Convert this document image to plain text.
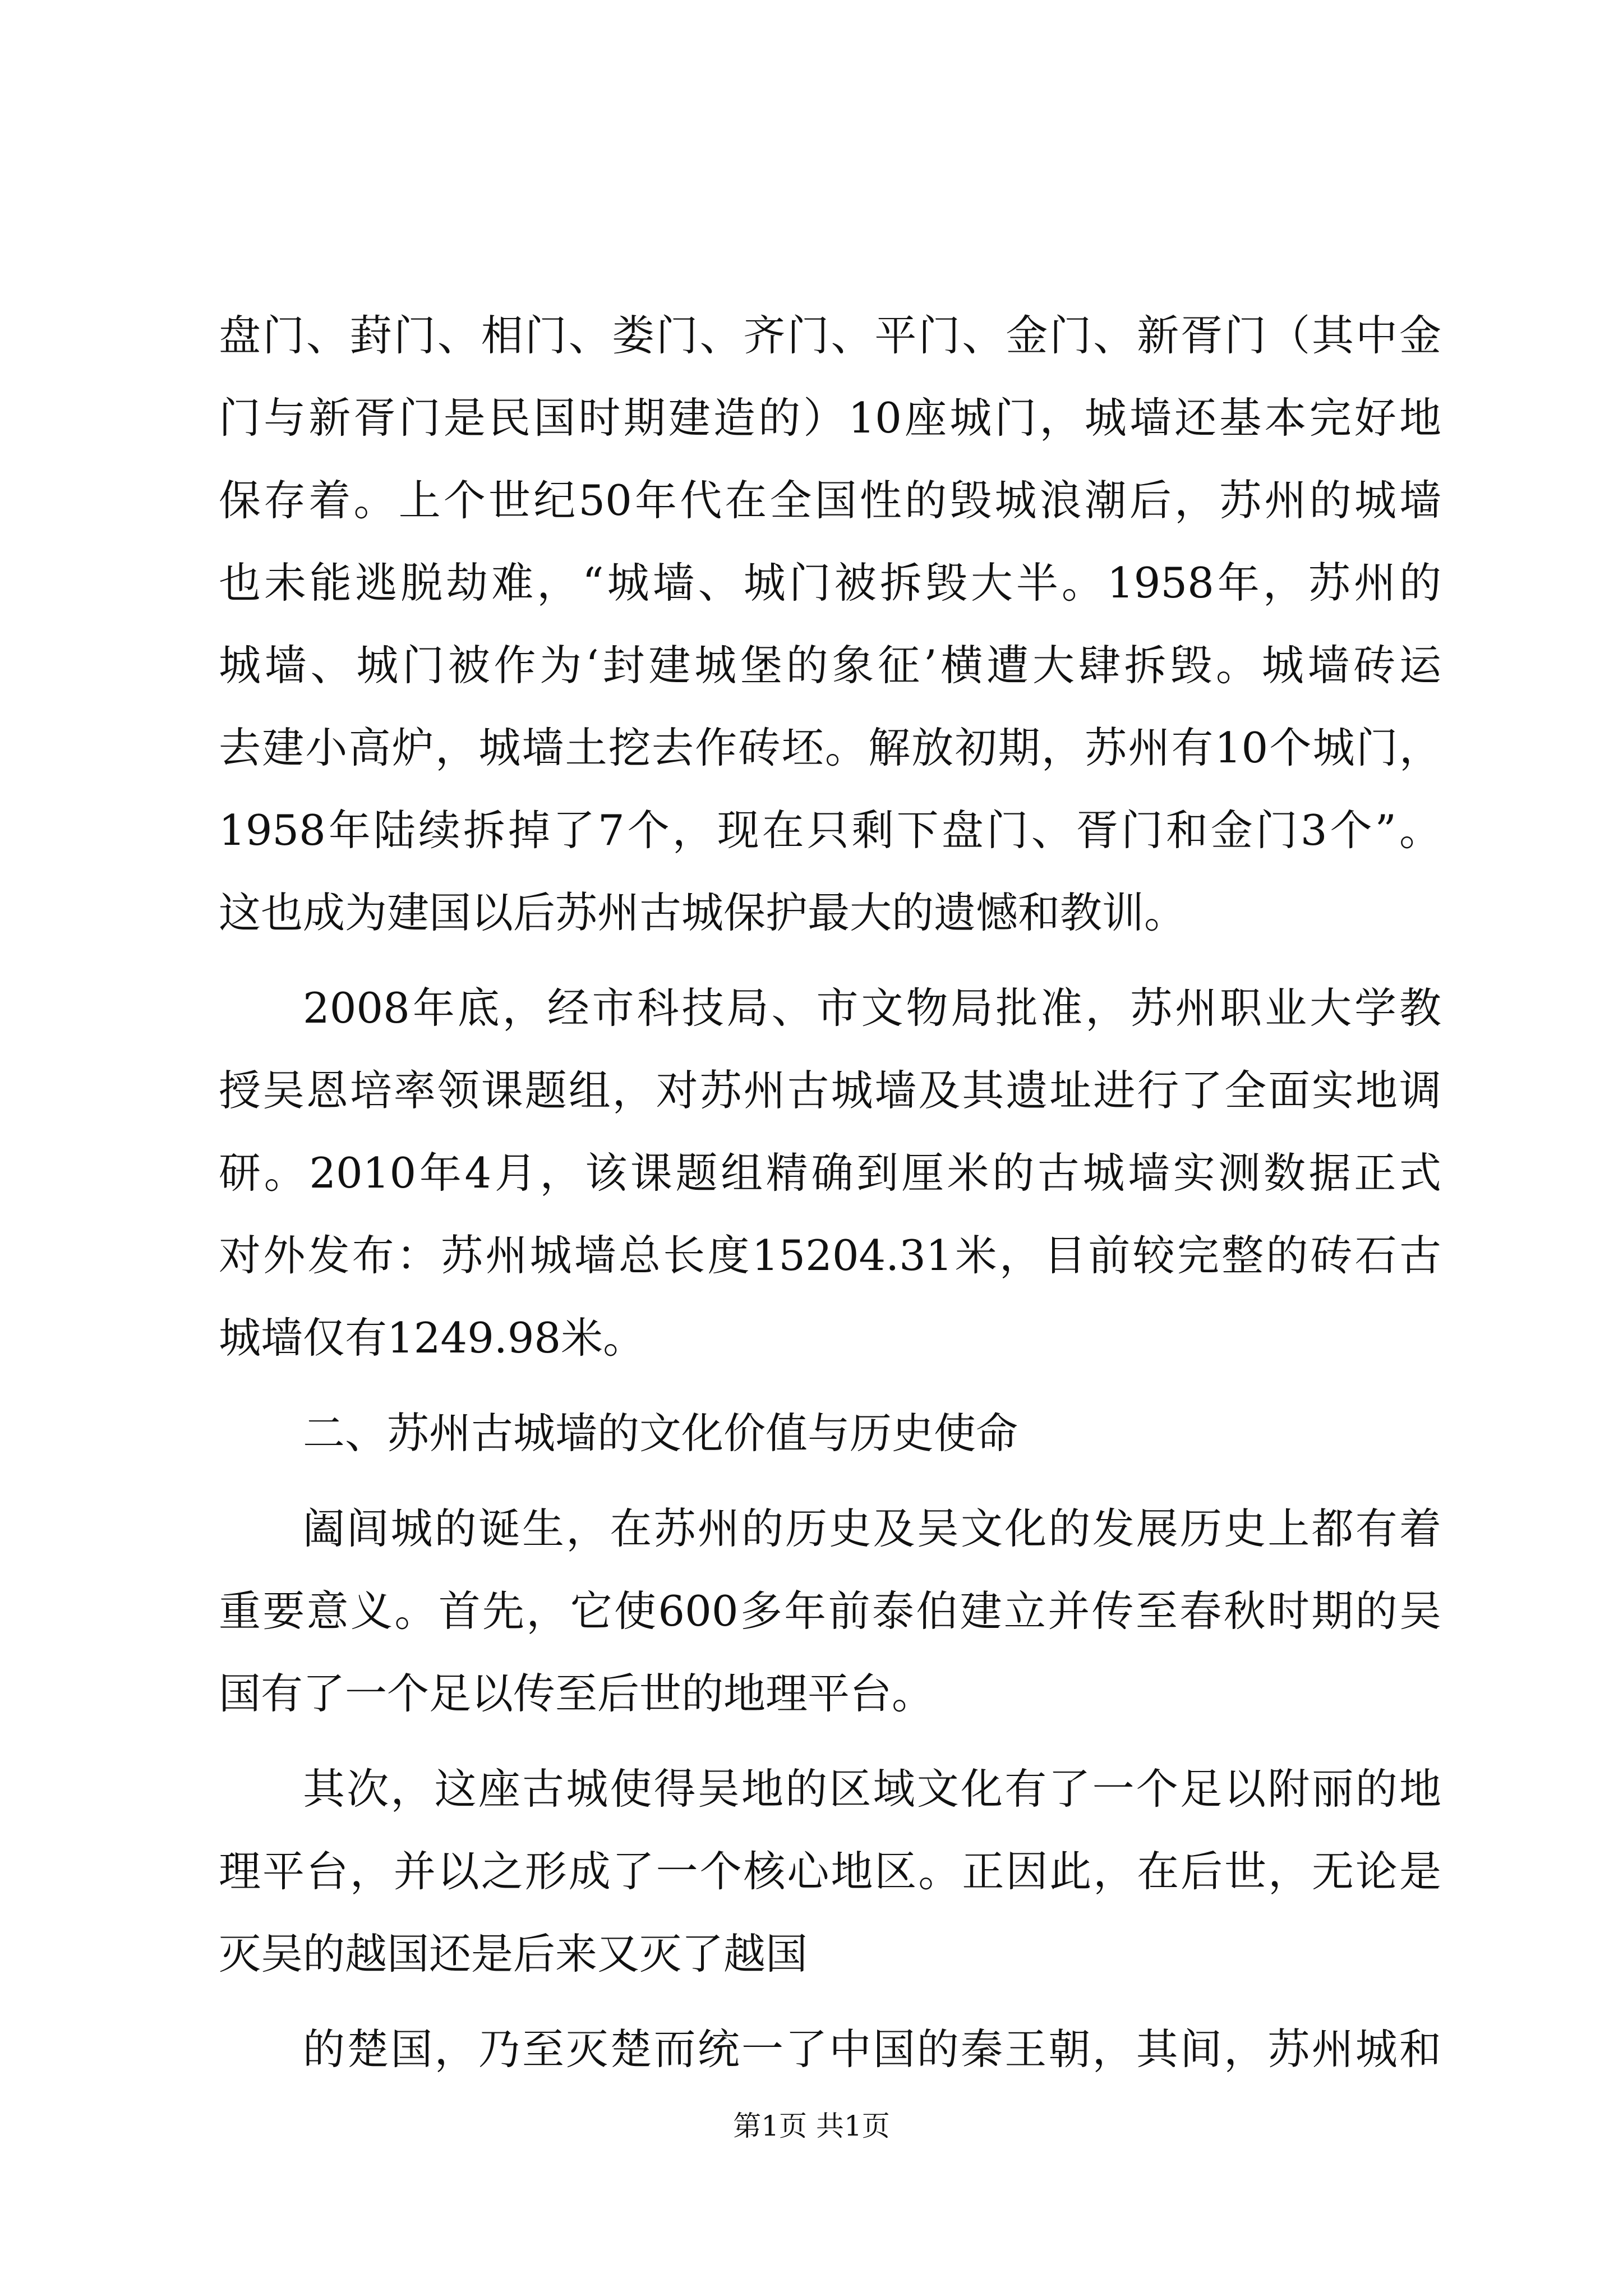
盘门、葑门、相门、娄门、齐门、平门、金门、新胥门（其中金
门与新胥门是民国时期建造的）10座城门，城墙还基本完好地
保存着。上个世纪50年代在全国性的毁城浪潮后，苏州的城墙
也未能逃脱劫难，“城墙、城门被拆毁大半。1958年，苏州的
城墙、城门被作为‘封建城堡的象征’横遭大肆拆毁。城墙砖运
去建小高炉，城墙土挖去作砖坯。解放初期，苏州有10个城门，
1958年陆续拆掉了7个，现在只剩下盘门、胥门和金门3个”。
这也成为建国以后苏州古城保护最大的遗憾和教训。
2008年底，经市科技局、市文物局批准，苏州职业大学教
授吴恩培率领课题组，对苏州古城墙及其遗址进行了全面实地调
研。2010年4月，该课题组精确到厘米的古城墙实测数据正式
对外发布：苏州城墙总长度15204.31米，目前较完整的砖石古
城墙仅有1249.98米。
二、苏州古城墙的文化价值与历史使命
阖闾城的诞生，在苏州的历史及吴文化的发展历史上都有着
重要意义。首先，它使600多年前泰伯建立并传至春秋时期的吴
国有了一个足以传至后世的地理平台。
其次，这座古城使得吴地的区域文化有了一个足以附丽的地
理平台，并以之形成了一个核心地区。正因此，在后世，无论是
灭吴的越国还是后来又灭了越国
的楚国，乃至灭楚而统一了中国的秦王朝，其间，苏州城和
第1页 共1页
